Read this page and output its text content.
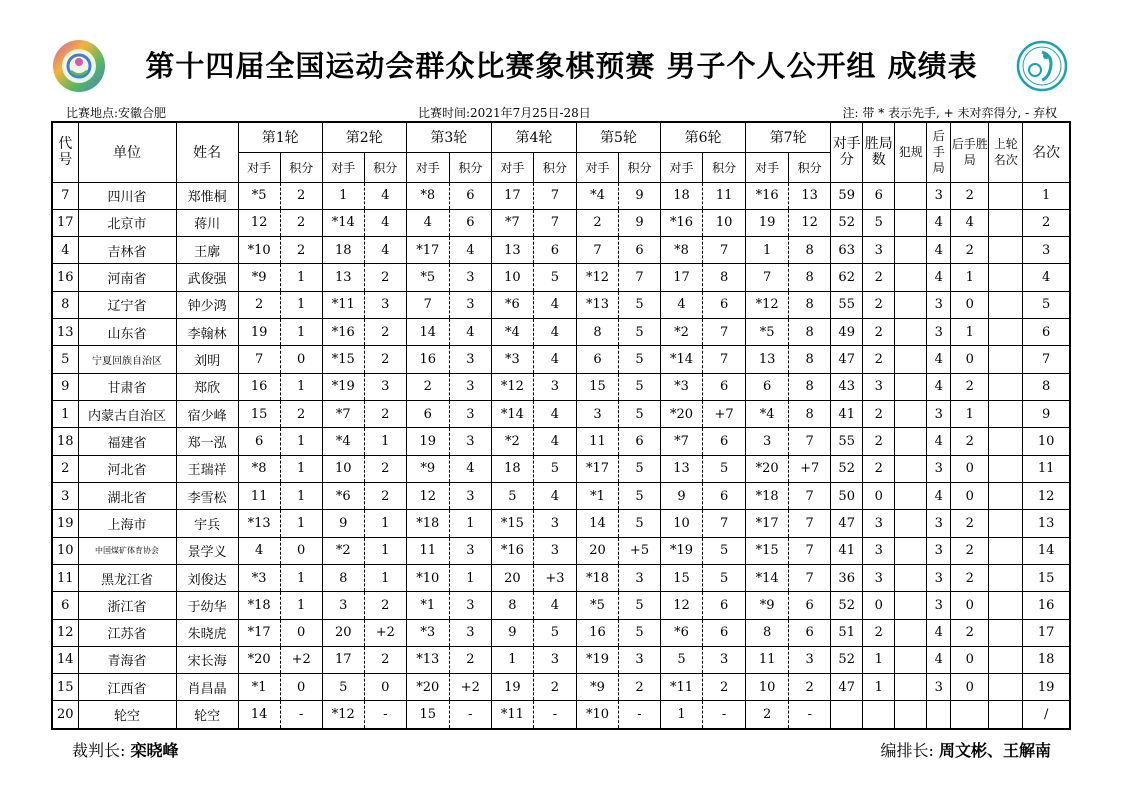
第十四届全国运动会群众比赛象棋预赛 男子个人公开组 成绩表
比赛地点:安徽合肥	比赛时间:2021年7月25日-28日	注: 带 * 表示先手, + 未对弈得分, - 弃权
代号	单位	姓名	第1轮		第2轮		第3轮		第4轮		第5轮		第6轮		第7轮		对手分	胜局数	犯规	后手局	后手胜局	上轮名次	名次
			对手	积分	对手	积分	对手	积分	对手	积分	对手	积分	对手	积分	对手	积分							
7	四川省	郑惟桐	*5	2	1	4	*8	6	17	7	*4	9	18	11	*16	13	59	6		3	2		1
17	北京市	蒋川	12	2	*14	4	4	6	*7	7	2	9	*16	10	19	12	52	5		4	4		2
4	吉林省	王廓	*10	2	18	4	*17	4	13	6	7	6	*8	7	1	8	63	3		4	2		3
16	河南省	武俊强	*9	1	13	2	*5	3	10	5	*12	7	17	8	7	8	62	2		4	1		4
8	辽宁省	钟少鸿	2	1	*11	3	7	3	*6	4	*13	5	4	6	*12	8	55	2		3	0		5
13	山东省	李翰林	19	1	*16	2	14	4	*4	4	8	5	*2	7	*5	8	49	2		3	1		6
5	宁夏回族自治区	刘明	7	0	*15	2	16	3	*3	4	6	5	*14	7	13	8	47	2		4	0		7
9	甘肃省	郑欣	16	1	*19	3	2	3	*12	3	15	5	*3	6	6	8	43	3		4	2		8
1	内蒙古自治区	宿少峰	15	2	*7	2	6	3	*14	4	3	5	*20	+7	*4	8	41	2		3	1		9
18	福建省	郑一泓	6	1	*4	1	19	3	*2	4	11	6	*7	6	3	7	55	2		4	2		10
2	河北省	王瑞祥	*8	1	10	2	*9	4	18	5	*17	5	13	5	*20	+7	52	2		3	0		11
3	湖北省	李雪松	11	1	*6	2	12	3	5	4	*1	5	9	6	*18	7	50	0		4	0		12
19	上海市	宇兵	*13	1	9	1	*18	1	*15	3	14	5	10	7	*17	7	47	3		3	2		13
10	中国煤矿体育协会	景学义	4	0	*2	1	11	3	*16	3	20	+5	*19	5	*15	7	41	3		3	2		14
11	黑龙江省	刘俊达	*3	1	8	1	*10	1	20	+3	*18	3	15	5	*14	7	36	3		3	2		15
6	浙江省	于幼华	*18	1	3	2	*1	3	8	4	*5	5	12	6	*9	6	52	0		3	0		16
12	江苏省	朱晓虎	*17	0	20	+2	*3	3	9	5	16	5	*6	6	8	6	51	2		4	2		17
14	青海省	宋长海	*20	+2	17	2	*13	2	1	3	*19	3	5	3	11	3	52	1		4	0		18
15	江西省	肖昌晶	*1	0	5	0	*20	+2	19	2	*9	2	*11	2	10	2	47	1		3	0		19
20	轮空	轮空	14	-	*12	-	15	-	*11	-	*10	-	1	-	2	-							/
裁判长: 栾晓峰	编排长: 周文彬、王解南
